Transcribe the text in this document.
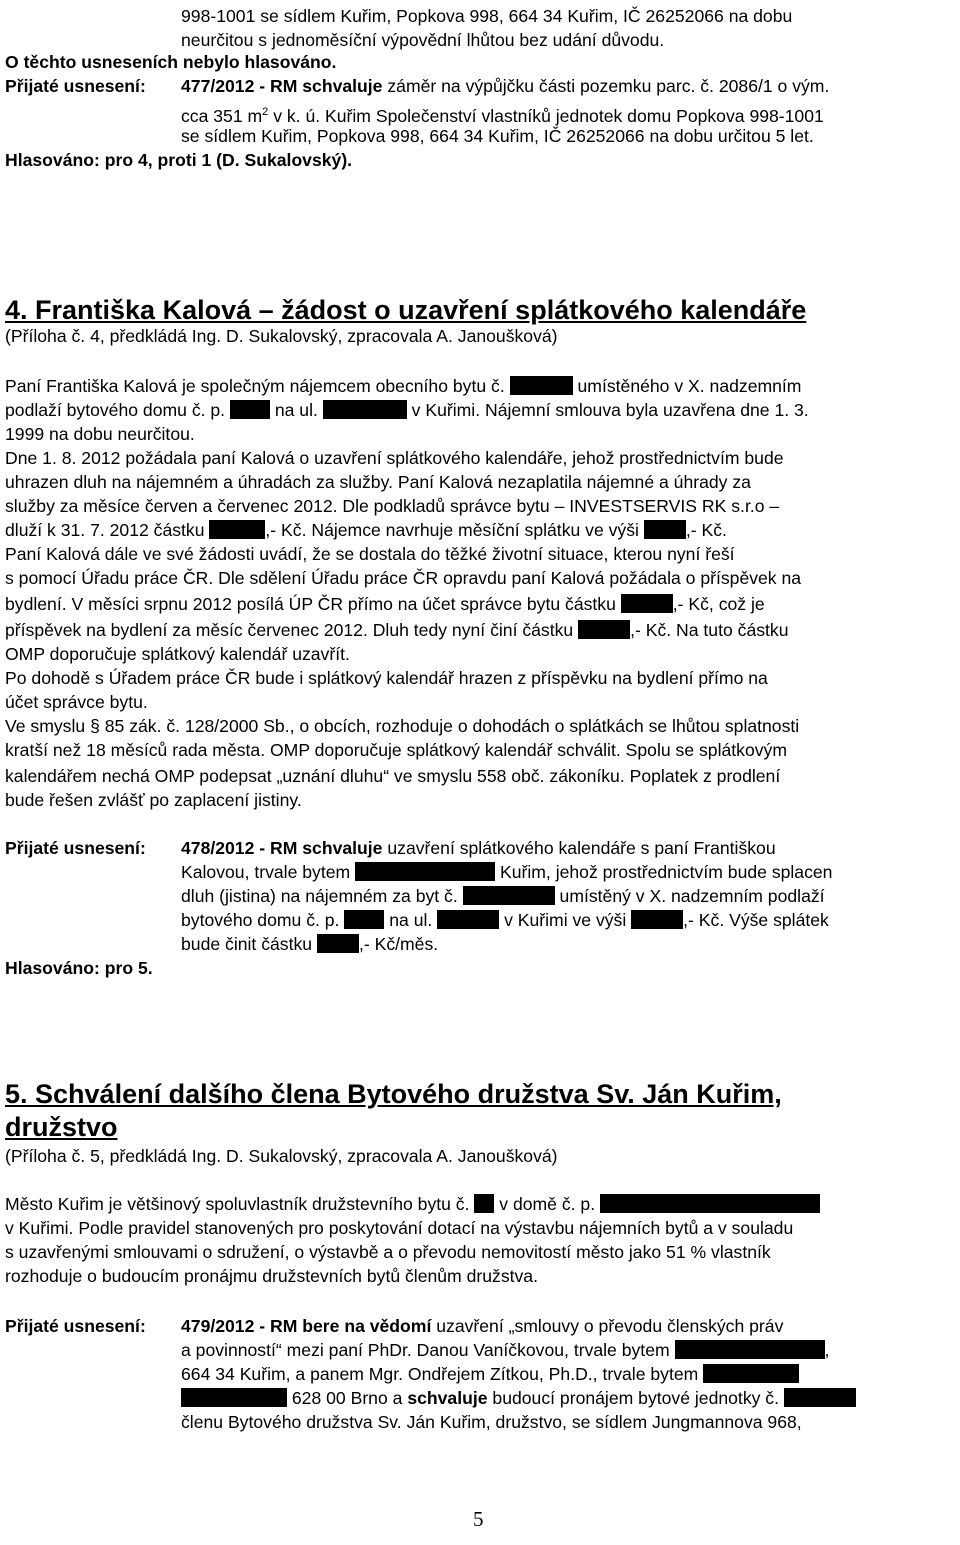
998-1001 se sídlem Kuřim, Popkova 998, 664 34 Kuřim, IČ 26252066 na dobu
neurčitou s jednoměsíční výpovědní lhůtou bez udání důvodu.
O těchto usneseních nebylo hlasováno.
Přijaté usnesení: 477/2012 - RM schvaluje záměr na výpůjčku části pozemku parc. č. 2086/1 o vým.
cca 351 $m^2$ v k. ú. Kuřim Společenství vlastníků jednotek domu Popkova 998-1001
se sídlem Kuřim, Popkova 998, 664 34 Kuřim, IČ 26252066 na dobu určitou 5 let.
Hlasováno: pro 4, proti 1 (D. Sukalovský).
4. Františka Kalová – žádost o uzavření splátkového kalendáře
(Příloha č. 4, předkládá Ing. D. Sukalovský, zpracovala A. Janoušková)
Paní Františka Kalová je společným nájemcem obecního bytu č.	umístěného v X. nadzemním
podlaží bytového domu č. p.	na ul.	v Kuřimi. Nájemní smlouva byla uzavřena dne 1. 3.
1999 na dobu neurčitou.
Dne 1. 8. 2012 požádala paní Kalová o uzavření splátkového kalendáře, jehož prostřednictvím bude
uhrazen dluh na nájemném a úhradách za služby. Paní Kalová nezaplatila nájemné a úhrady za
služby za měsíce červen a červenec 2012. Dle podkladů správce bytu – INVESTSERVIS RK s.r.o –
dluží k 31. 7. 2012 částku	,- Kč. Nájemce navrhuje měsíční splátku ve výši	,- Kč.
Paní Kalová dále ve své žádosti uvádí, že se dostala do těžké životní situace, kterou nyní řeší
s pomocí Úřadu práce ČR. Dle sdělení Úřadu práce ČR opravdu paní Kalová požádala o příspěvek na
bydlení. V měsíci srpnu 2012 posílá ÚP ČR přímo na účet správce bytu částku	,- Kč, což je
příspěvek na bydlení za měsíc červenec 2012. Dluh tedy nyní činí částku	,- Kč. Na tuto částku
OMP doporučuje splátkový kalendář uzavřít.
Po dohodě s Úřadem práce ČR bude i splátkový kalendář hrazen z příspěvku na bydlení přímo na
účet správce bytu.
Ve smyslu § 85 zák. č. 128/2000 Sb., o obcích, rozhoduje o dohodách o splátkách se lhůtou splatnosti
kratší než 18 měsíců rada města. OMP doporučuje splátkový kalendář schválit. Spolu se splátkovým
kalendářem nechá OMP podepsat „uznání dluhu“ ve smyslu 558 obč. zákoníku. Poplatek z prodlení
bude řešen zvlášť po zaplacení jistiny.
Přijaté usnesení: 478/2012 - RM schvaluje uzavření splátkového kalendáře s paní Františkou
Kalovou, trvale bytem	Kuřim, jehož prostřednictvím bude splacen
dluh (jistina) na nájemném za byt č.	umístěný v X. nadzemním podlaží
bytového domu č. p.	na ul.	v Kuřimi ve výši	,- Kč. Výše splátek
bude činit částku	,- Kč/měs.
Hlasováno: pro 5.
5. Schválení dalšího člena Bytového družstva Sv. Ján Kuřim,
družstvo
(Příloha č. 5, předkládá Ing. D. Sukalovský, zpracovala A. Janoušková)
Město Kuřim je většinový spoluvlastník družstevního bytu č. v domě č. p.
v Kuřimi. Podle pravidel stanovených pro poskytování dotací na výstavbu nájemních bytů a v souladu
s uzavřenými smlouvami o sdružení, o výstavbě a o převodu nemovitostí město jako 51 % vlastník
rozhoduje o budoucím pronájmu družstevních bytů členům družstva.
Přijaté usnesení: 479/2012 - RM bere na vědomí uzavření „smlouvy o převodu členských práv
a povinností“ mezi paní PhDr. Danou Vaníčkovou, trvale bytem	,
664 34 Kuřim, a panem Mgr. Ondřejem Zítkou, Ph.D., trvale bytem
628 00 Brno a schvaluje budoucí pronájem bytové jednotky č.
členu Bytového družstva Sv. Ján Kuřim, družstvo, se sídlem Jungmannova 968,
5
